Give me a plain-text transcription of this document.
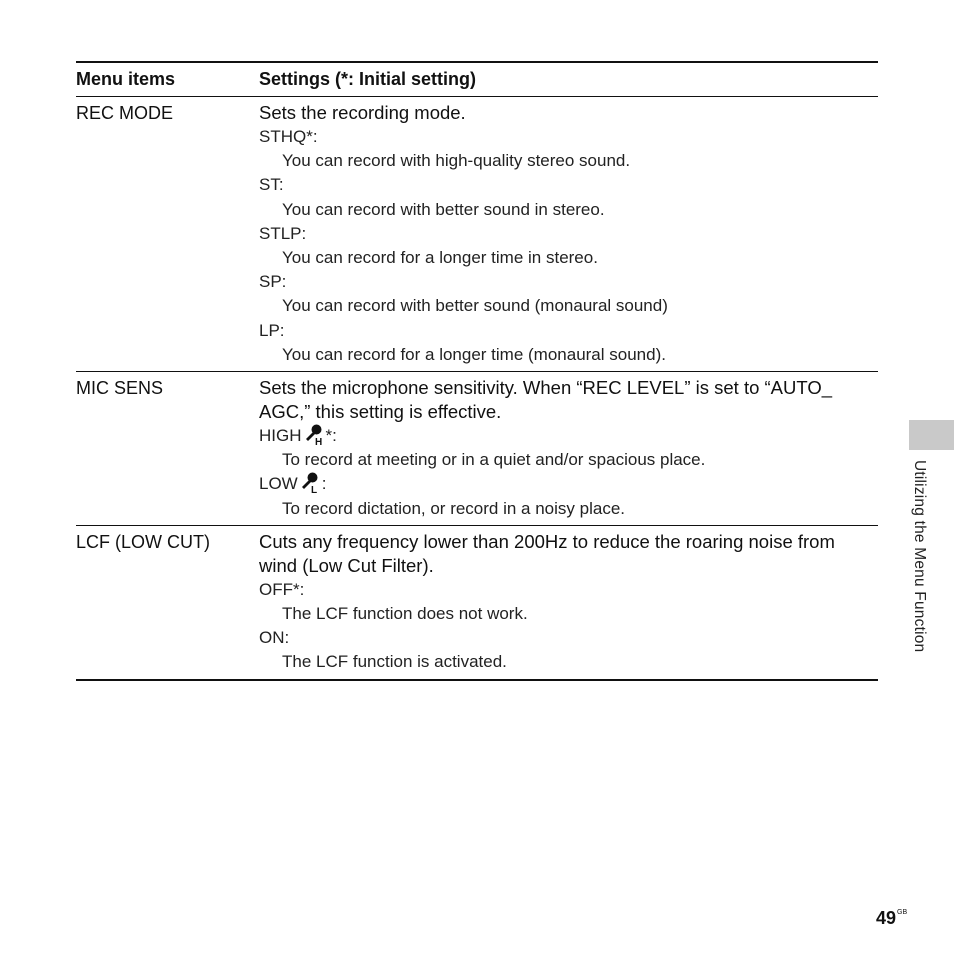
Menu items	Settings (*: Initial setting)
REC MODE	Sets the recording mode.
STHQ*:
You can record with high-quality stereo sound.
ST:
You can record with better sound in stereo.
STLP:
You can record for a longer time in stereo.
SP:
You can record with better sound (monaural sound)
LP:
You can record for a longer time (monaural sound).
MIC SENS	Sets the microphone sensitivity. When “REC LEVEL” is set to “AUTO_ AGC,” this setting is effective.
HIGH H *:
To record at meeting or in a quiet and/or spacious place.
LOW L :
To record dictation, or record in a noisy place.
LCF (LOW CUT)	Cuts any frequency lower than 200Hz to reduce the roaring noise from wind (Low Cut Filter).
OFF*:
The LCF function does not work.
ON:
The LCF function is activated.
Utilizing the Menu Function
$49^{GB}$
